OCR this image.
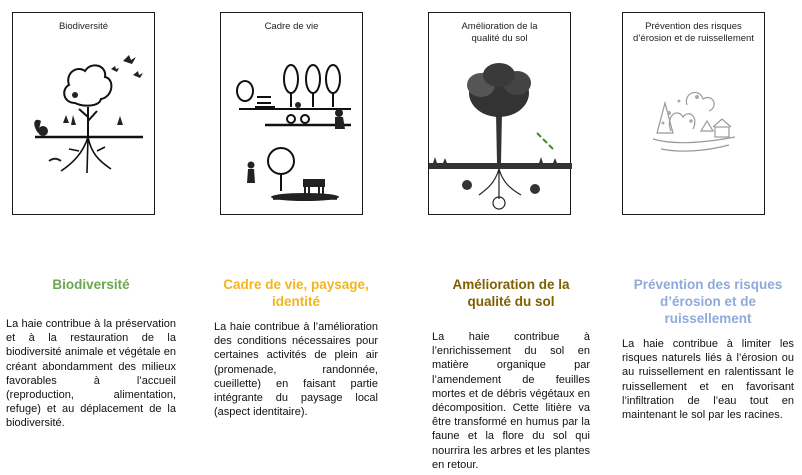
Biodiversité	Cadre de vie	Amélioration de la
qualité du sol
Prévention des risques
d’érosion et de ruissellement
Biodiversité
La haie contribue à la préservation et à la restauration de la biodiversité animale et végétale en créant abondamment des milieux favorables à l’accueil (reproduction, alimentation, refuge) et au déplacement de la biodiversité.
Cadre de vie, paysage,
identité
La haie contribue à l’amélioration des conditions nécessaires pour certaines activités de plein air (promenade, randonnée, cueillette) en faisant partie intégrante du paysage local (aspect identitaire).
Amélioration de la
qualité du sol
La haie contribue à l’enrichissement du sol en matière organique par l’amendement de feuilles mortes et de débris végétaux en décomposition. Cette litière va être transformé en humus par la faune et la flore du sol qui nourrira les arbres et les plantes en retour.
Prévention des risques
d’érosion et de
ruissellement
La haie contribue à limiter les risques naturels liés à l’érosion ou au ruissellement en ralentissant le ruissellement et en favorisant l’infiltration de l’eau tout en maintenant le sol par les racines.
